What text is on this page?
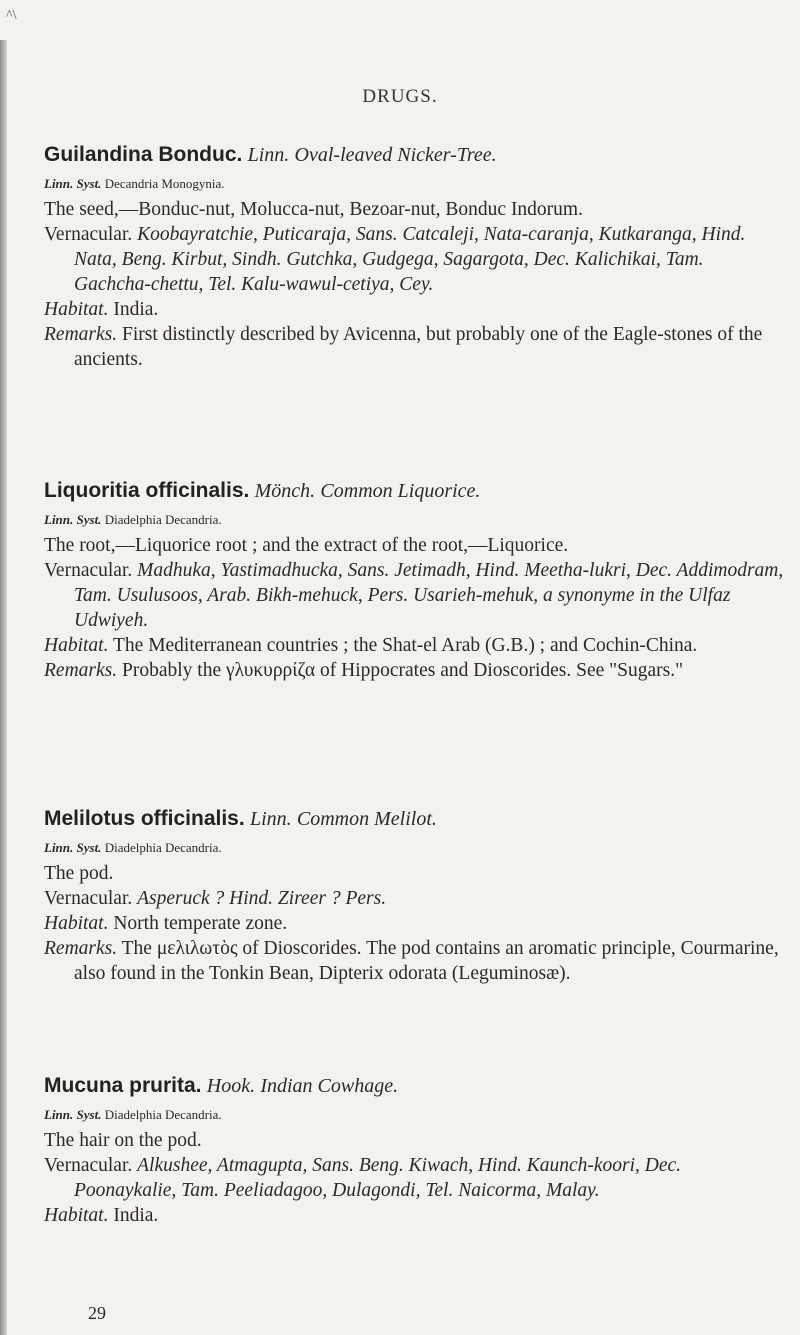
^\
DRUGS.

Guilandina Bonduc. Linn. Oval-leaved Nicker-Tree.

Linn. Syst. Decandria Monogynia.

The seed,—Bonduc-nut, Molucca-nut, Bezoar-nut, Bonduc Indorum.

Vernacular. Koobayratchie, Puticaraja, Sans. Catcaleji, Nata-caranja, Kutkaranga, Hind. Nata, Beng. Kirbut, Sindh. Gutchka, Gudgega, Sagargota, Dec. Kalichikai, Tam. Gachcha-chettu, Tel. Kalu-wawul-cetiya, Cey.

Habitat. India.

Remarks. First distinctly described by Avicenna, but probably one of the Eagle-stones of the ancients.

Liquoritia officinalis. Mönch. Common Liquorice.

Linn. Syst. Diadelphia Decandria.

The root,—Liquorice root ; and the extract of the root,—Liquorice.

Vernacular. Madhuka, Yastimadhucka, Sans. Jetimadh, Hind. Meetha-lukri, Dec. Addimodram, Tam. Usulusoos, Arab. Bikh-mehuck, Pers. Usarieh-mehuk, a synonyme in the Ulfaz Udwiyeh.

Habitat. The Mediterranean countries ; the Shat-el Arab (G.B.) ; and Cochin-China.

Remarks. Probably the γλυκυρρίζα of Hippocrates and Dioscorides. See "Sugars."

Melilotus officinalis. Linn. Common Melilot.

Linn. Syst. Diadelphia Decandria.

The pod.

Vernacular. Asperuck ? Hind. Zireer ? Pers.

Habitat. North temperate zone.

Remarks. The μελιλωτὸς of Dioscorides. The pod contains an aromatic principle, Courmarine, also found in the Tonkin Bean, Dipterix odorata (Leguminosæ).

Mucuna prurita. Hook. Indian Cowhage.

Linn. Syst. Diadelphia Decandria.

The hair on the pod.

Vernacular. Alkushee, Atmagupta, Sans. Beng. Kiwach, Hind. Kaunch-koori, Dec. Poonaykalie, Tam. Peeliadagoo, Dulagondi, Tel. Naicorma, Malay.

Habitat. India.

29
